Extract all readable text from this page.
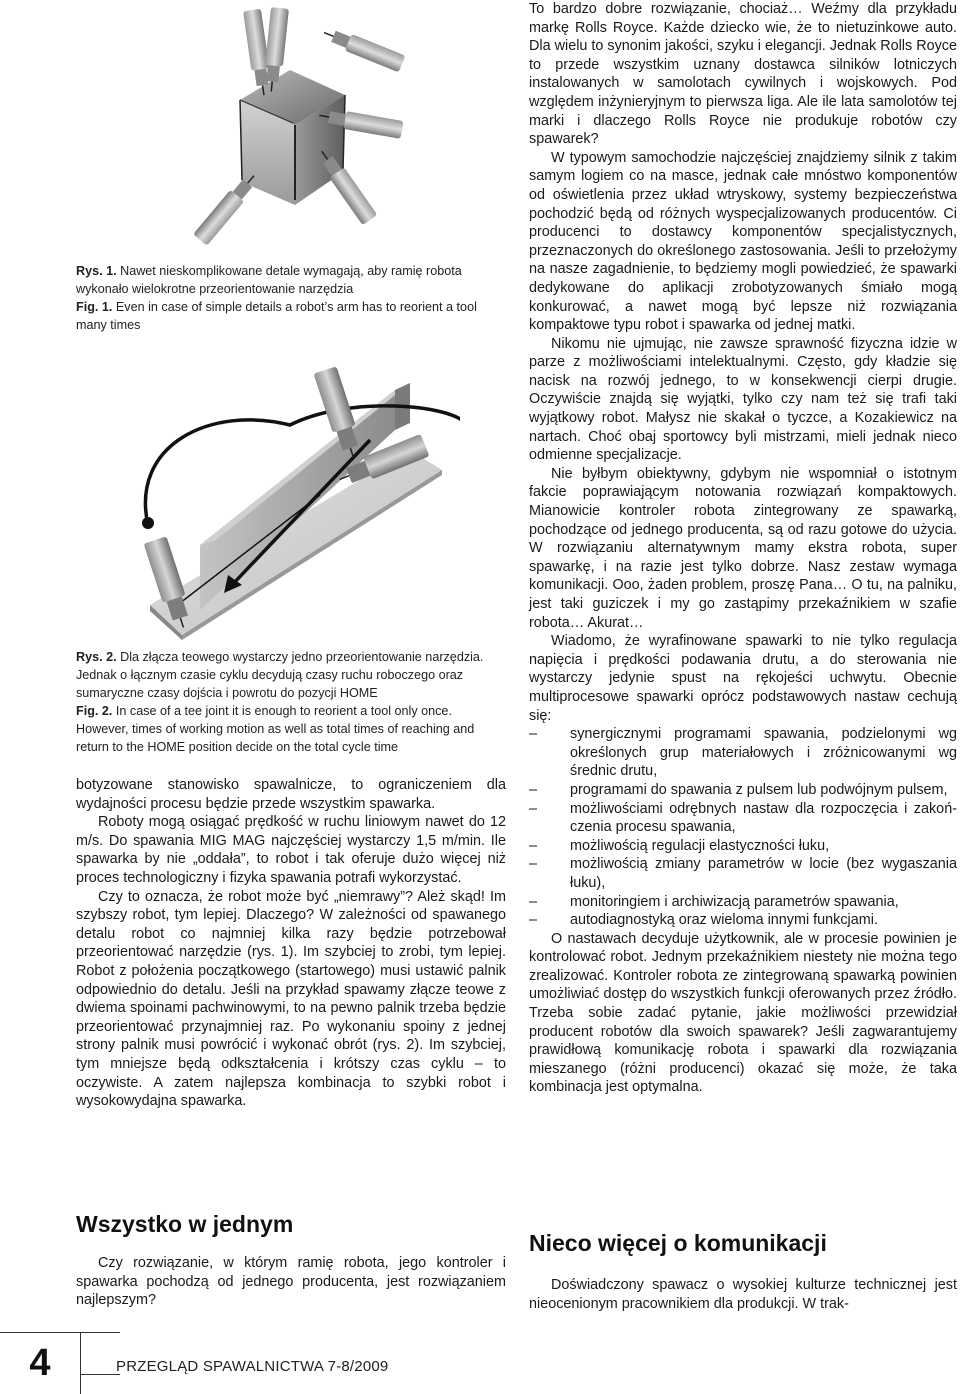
Rys. 1. Nawet nieskomplikowane detale wymagają, aby ramię robota wykonało wielokrotne przeorientowanie narzędzia

Fig. 1. Even in case of simple details a robot’s arm has to reorient a tool many times

Rys. 2. Dla złącza teowego wystarczy jedno przeorientowanie narzędzia. Jednak o łącznym czasie cyklu decydują czasy ruchu roboczego oraz sumaryczne czasy dojścia i powrotu do pozycji HOME

Fig. 2. In case of a tee joint it is enough to reorient a tool only once. However, times of working motion as well as total times of reaching and return to the HOME position decide on the total cycle time

botyzowane stanowisko spawalnicze, to ograniczeniem dla wydajności procesu będzie przede wszystkim spawarka.

Roboty mogą osiągać prędkość w ruchu liniowym nawet do 12 m/s. Do spawania MIG MAG najczęściej wystarczy 1,5 m/min. Ile spawarka by nie „oddała”, to robot i tak oferuje dużo więcej niż proces technologiczny i fizyka spawania potrafi wykorzystać.

Czy to oznacza, że robot może być „niemrawy”? Ależ skąd! Im szybszy robot, tym lepiej. Dlaczego? W zależności od spawanego detalu robot co najmniej kilka razy będzie potrzebował przeorientować narzędzie (rys. 1). Im szybciej to zrobi, tym lepiej. Robot z położenia początkowego (startowego) musi ustawić palnik odpowiednio do detalu. Jeśli na przykład spawamy złącze teowe z dwiema spoinami pachwinowymi, to na pewno palnik trzeba będzie przeorientować przynajmniej raz. Po wykonaniu spoiny z jednej strony palnik musi powrócić i wykonać obrót (rys. 2). Im szybciej, tym mniejsze będą odkształcenia i krótszy czas cyklu – to oczywiste. A zatem najlepsza kombinacja to szybki robot i wysokowydajna spawarka.

Wszystko w jednym

Czy rozwiązanie, w którym ramię robota, jego kontroler i spawarka pochodzą od jednego producenta, jest rozwiązaniem najlepszym?

To bardzo dobre rozwiązanie, chociaż… Weźmy dla przykładu markę Rolls Royce. Każde dziecko wie, że to nietuzinkowe auto. Dla wielu to synonim jakości, szyku i elegancji. Jednak Rolls Royce to przede wszystkim uznany dostawca silników lotniczych instalowanych w samolotach cywilnych i wojskowych. Pod względem inżynieryjnym to pierwsza liga. Ale ile lata samolotów tej marki i dlaczego Rolls Royce nie produkuje robotów czy spawarek?

W typowym samochodzie najczęściej znajdziemy silnik z takim samym logiem co na masce, jednak całe mnóstwo komponentów od oświetlenia przez układ wtryskowy, systemy bezpieczeństwa pochodzić będą od różnych wyspecjalizowanych producentów. Ci producenci to dostawcy komponentów specjalistycznych, przeznaczonych do określonego zastosowania. Jeśli to przełożymy na nasze zagadnienie, to będziemy mogli powiedzieć, że spawarki dedykowane do aplikacji zrobotyzowanych śmiało mogą konkurować, a nawet mogą być lepsze niż rozwiązania kompaktowe typu robot i spawarka od jednej matki.

Nikomu nie ujmując, nie zawsze sprawność fizyczna idzie w parze z możliwościami intelektualnymi. Często, gdy kładzie się nacisk na rozwój jednego, to w konsekwencji cierpi drugie. Oczywiście znajdą się wyjątki, tylko czy nam też się trafi taki wyjątkowy robot. Małysz nie skakał o tyczce, a Kozakiewicz na nartach. Choć obaj sportowcy byli mistrzami, mieli jednak nieco odmienne specjalizacje.

Nie byłbym obiektywny, gdybym nie wspomniał o istotnym fakcie poprawiającym notowania rozwiązań kompaktowych. Mianowicie kontroler robota zintegrowany ze spawarką, pochodzące od jednego producenta, są od razu gotowe do użycia. W rozwiązaniu alternatywnym mamy ekstra robota, super spawarkę, i na razie jest tylko dobrze. Nasz zestaw wymaga komunikacji. Ooo, żaden problem, proszę Pana… O tu, na palniku, jest taki guziczek i my go zastąpimy przekaźnikiem w szafie robota… Akurat…

Wiadomo, że wyrafinowane spawarki to nie tylko regulacja napięcia i prędkości podawania drutu, a do sterowania nie wystarczy jedynie spust na rękojeści uchwytu. Obecnie multiprocesowe spawarki oprócz podstawowych nastaw cechują się:

– synergicznymi programami spawania, podzielonymi wg określonych grup materiałowych i zróżnicowanymi wg średnic drutu,
– programami do spawania z pulsem lub podwójnym pulsem,
– możliwościami odrębnych nastaw dla rozpoczęcia i zakoń-czenia procesu spawania,
– możliwością regulacji elastyczności łuku,
– możliwością zmiany parametrów w locie (bez wygaszania łuku),
– monitoringiem i archiwizacją parametrów spawania,
– autodiagnostyką oraz wieloma innymi funkcjami.

O nastawach decyduje użytkownik, ale w procesie powinien je kontrolować robot. Jednym przekaźnikiem niestety nie można tego zrealizować. Kontroler robota ze zintegrowaną spawarką powinien umożliwiać dostęp do wszystkich funkcji oferowanych przez źródło. Trzeba sobie zadać pytanie, jakie możliwości przewidział producent robotów dla swoich spawarek? Jeśli zagwarantujemy prawidłową komunikację robota i spawarki dla rozwiązania mieszanego (różni producenci) okazać się może, że taka kombinacja jest optymalna.

Nieco więcej o komunikacji

Doświadczony spawacz o wysokiej kulturze technicznej jest nieocenionym pracownikiem dla produkcji. W trak-

4	PRZEGLĄD SPAWALNICTWA 7-8/2009
